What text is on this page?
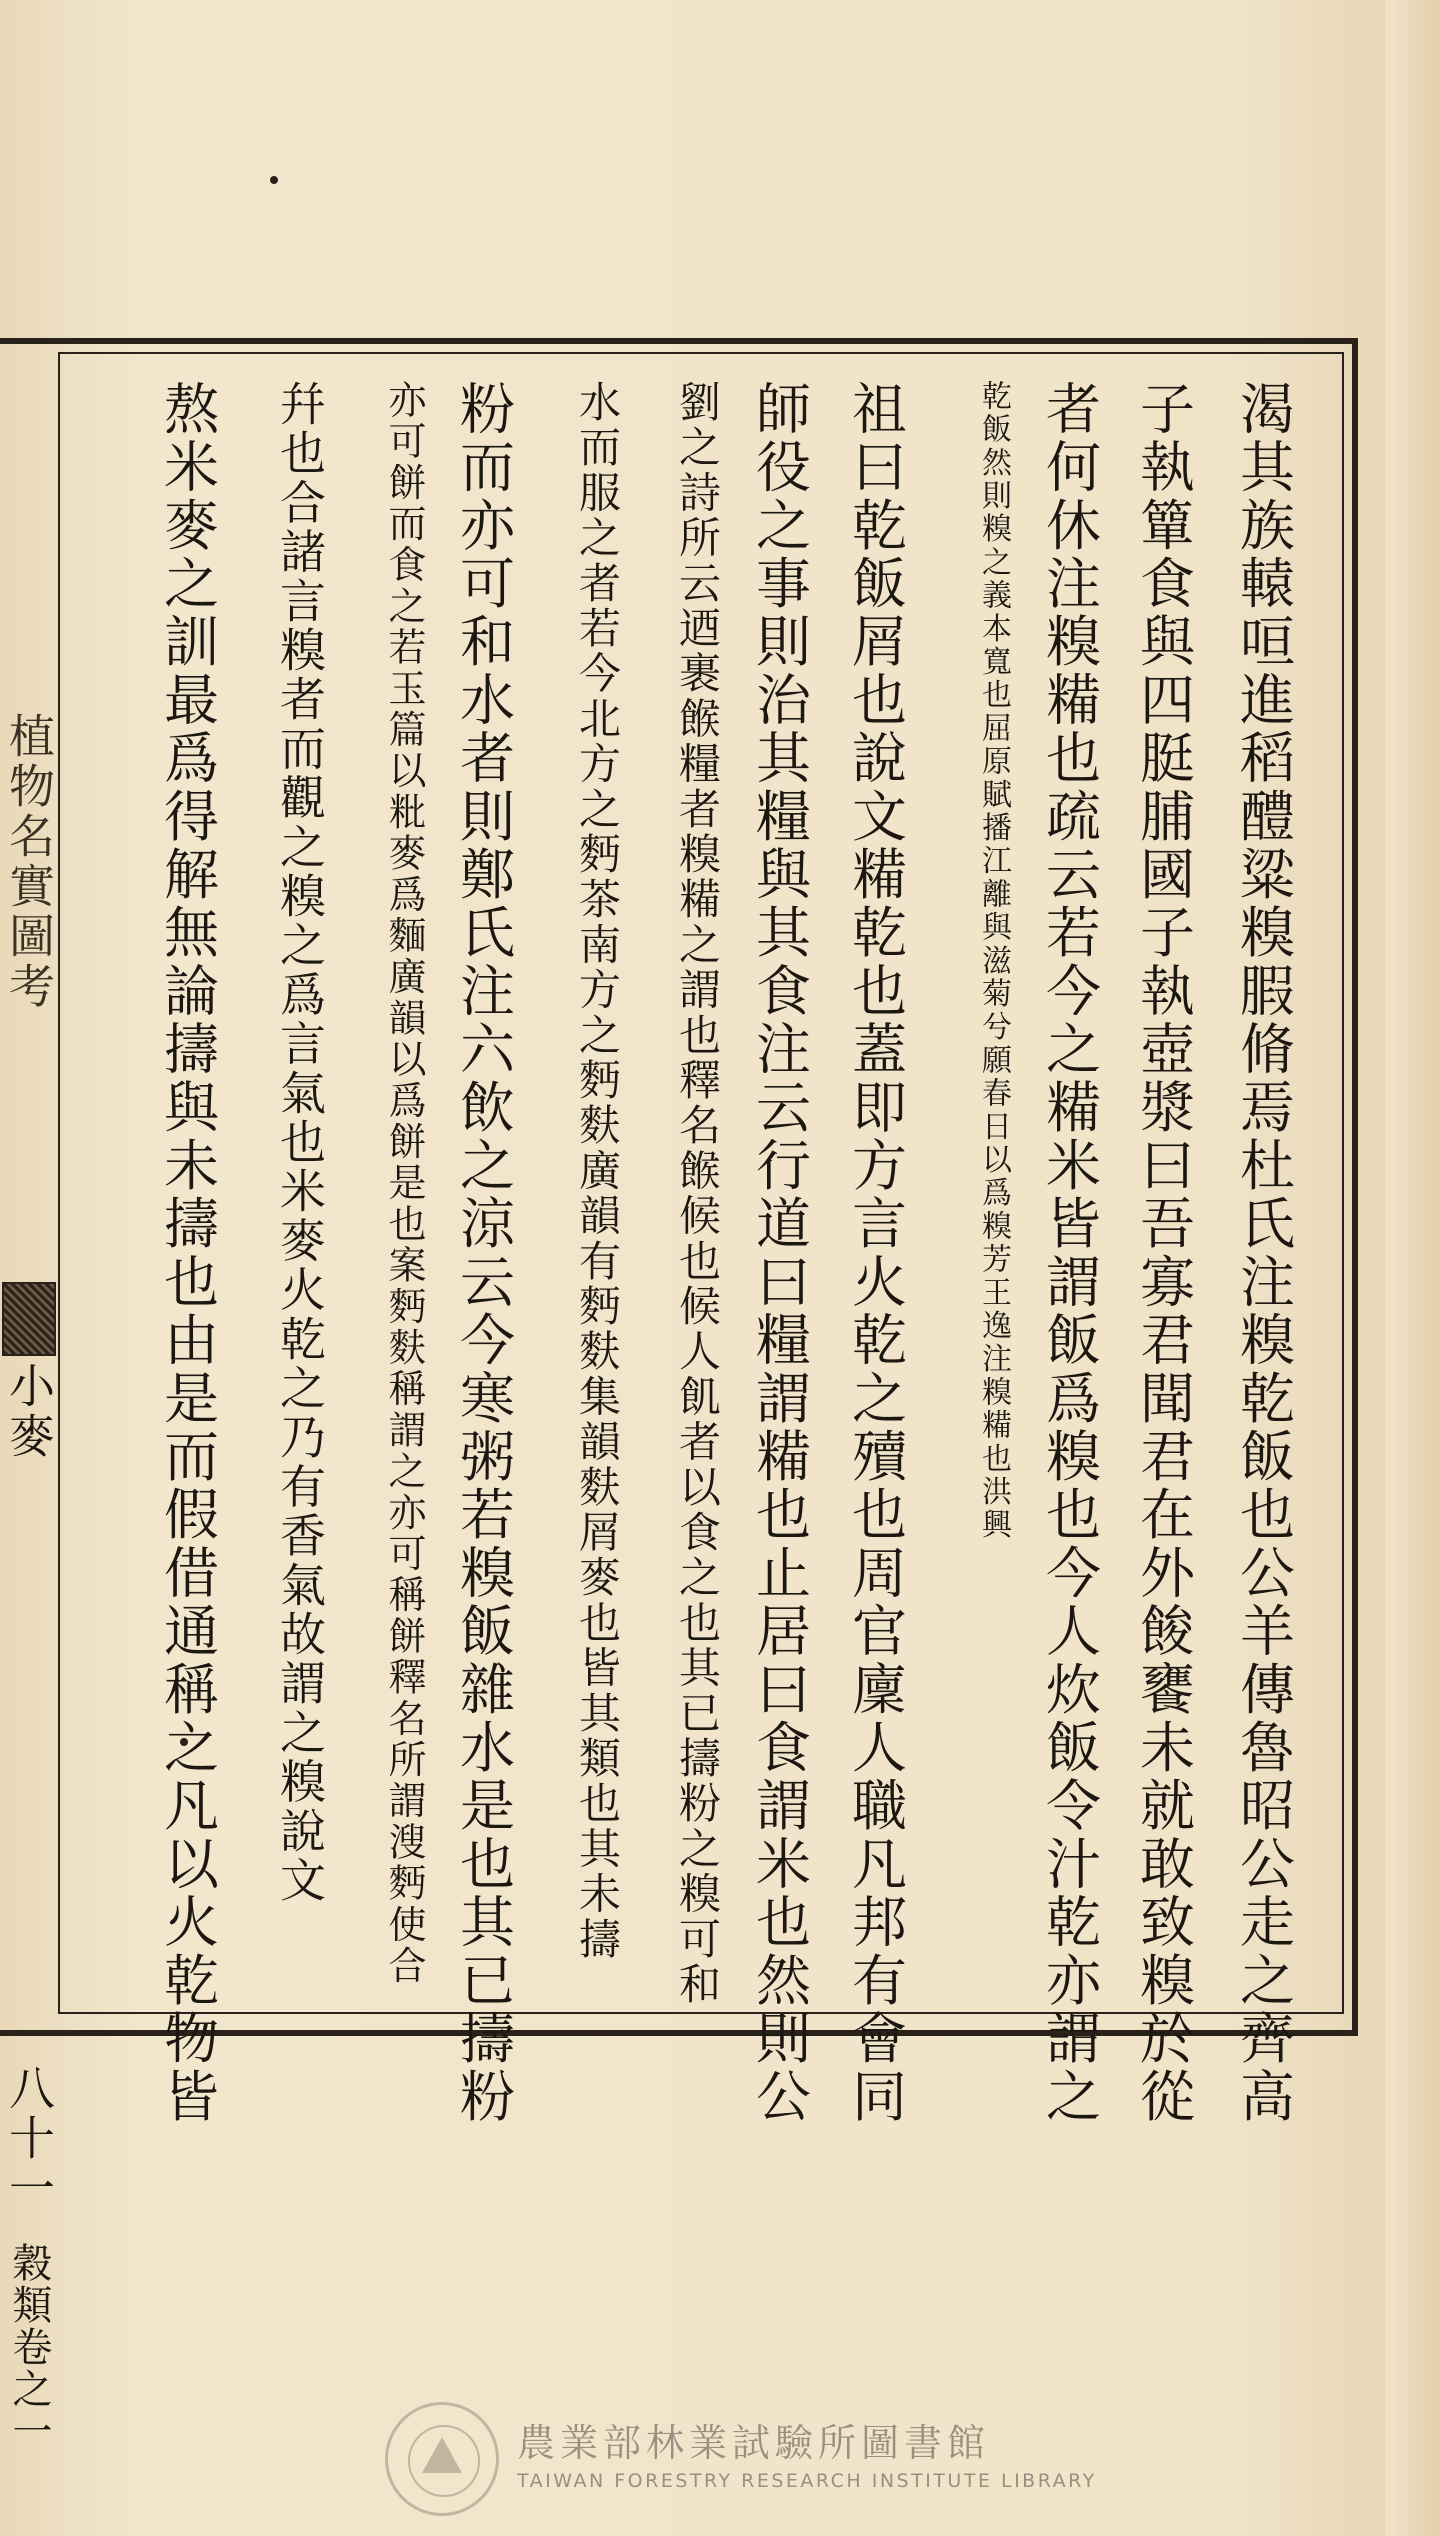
植物名實圖考
小麥
八十一
穀類卷之一
渴其族轅咺進稻醴粱糗腵脩焉杜氏注糗乾飯也公羊傳魯昭公走之齊高
子執簞食與四脡脯國子執壺漿曰吾寡君聞君在外餕饔未就敢致糗於從
者何休注糗糒也疏云若今之糒米皆謂飯爲糗也今人炊飯令汁乾亦謂之
乾飯然則糗之義本寬也屈原賦播江離與滋菊兮願春日以爲糗芳王逸注糗糒也洪興
祖曰乾飯屑也說文糒乾也蓋即方言火乾之殰也周官廩人職凡邦有會同
師役之事則治其糧與其食注云行道曰糧謂糒也止居曰食謂米也然則公
劉之詩所云迺裹餱糧者糗糒之謂也釋名餱候也候人飢者以食之也其已擣粉之糗可和
水而服之者若今北方之麪茶南方之麪麩廣韻有麪麩集韻麩屑麥也皆其類也其未擣
粉而亦可和水者則鄭氏注六飲之涼云今寒粥若糗飯雜水是也其已擣粉
亦可餅而食之若玉篇以粃麥爲麵廣韻以爲餅是也案麪麩稱謂之亦可稱餅釋名所謂溲麪使合
幷也合諸言糗者而觀之糗之爲言氣也米麥火乾之乃有香氣故謂之糗說文
熬米麥之訓最爲得解無論擣與未擣也由是而假借通稱之凡以火乾物皆
農業部林業試驗所圖書館
TAIWAN FORESTRY RESEARCH INSTITUTE LIBRARY
